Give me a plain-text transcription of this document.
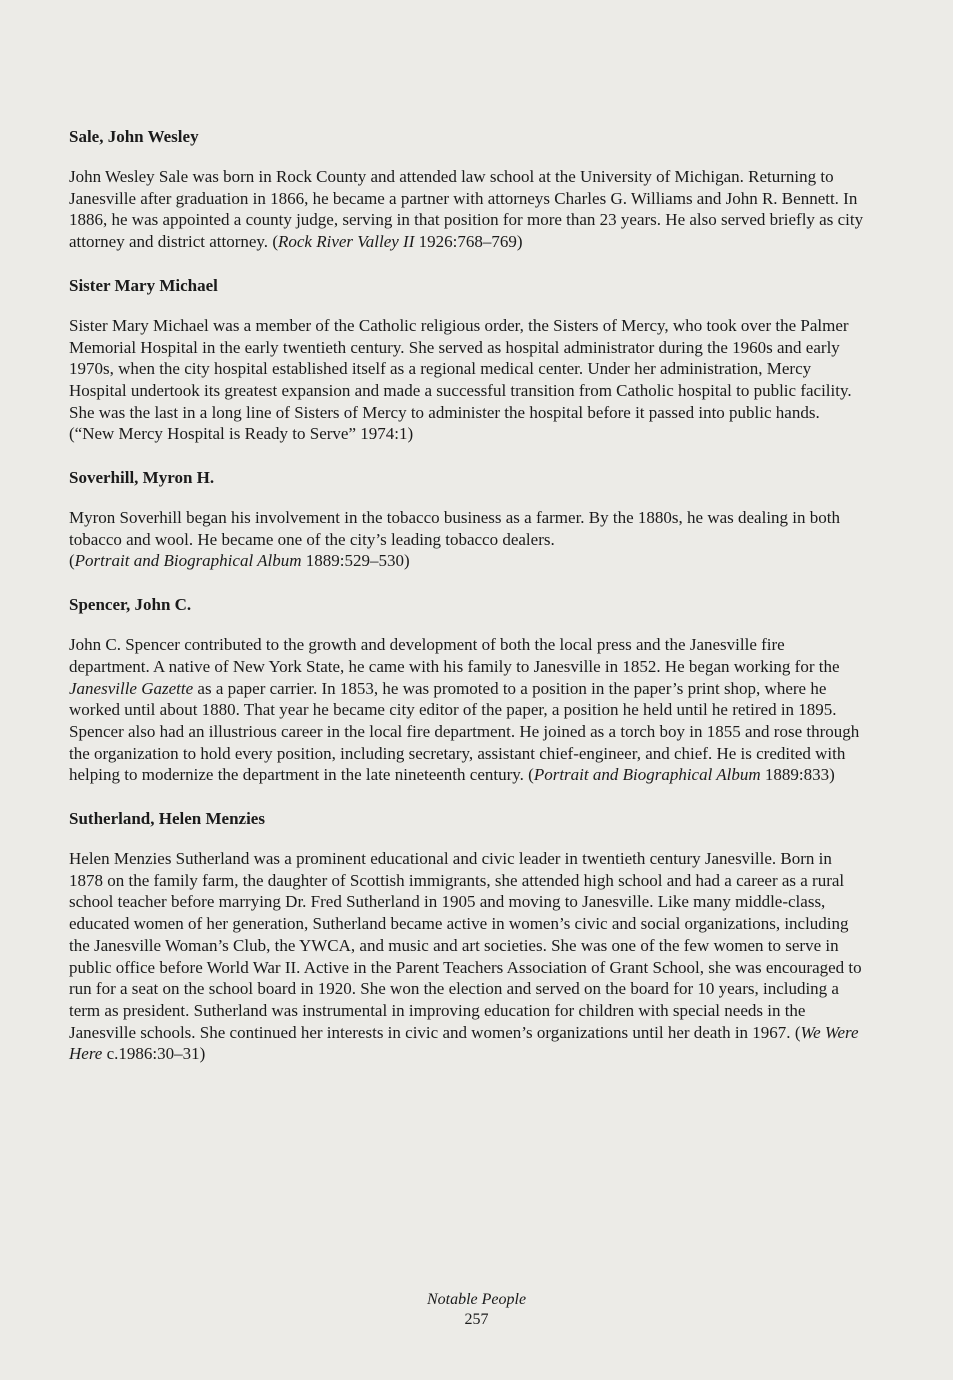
Sale, John Wesley

John Wesley Sale was born in Rock County and attended law school at the University of Michigan. Returning to Janesville after graduation in 1866, he became a partner with attorneys Charles G. Williams and John R. Bennett. In 1886, he was appointed a county judge, serving in that position for more than 23 years. He also served briefly as city attorney and district attorney. (Rock River Valley II 1926:768–769)

Sister Mary Michael

Sister Mary Michael was a member of the Catholic religious order, the Sisters of Mercy, who took over the Palmer Memorial Hospital in the early twentieth century. She served as hospital administrator during the 1960s and early 1970s, when the city hospital established itself as a regional medical center. Under her administration, Mercy Hospital undertook its greatest expansion and made a successful transition from Catholic hospital to public facility. She was the last in a long line of Sisters of Mercy to administer the hospital before it passed into public hands. (“New Mercy Hospital is Ready to Serve” 1974:1)

Soverhill, Myron H.

Myron Soverhill began his involvement in the tobacco business as a farmer. By the 1880s, he was dealing in both tobacco and wool. He became one of the city’s leading tobacco dealers.
(Portrait and Biographical Album 1889:529–530)

Spencer, John C.

John C. Spencer contributed to the growth and development of both the local press and the Janesville fire department. A native of New York State, he came with his family to Janesville in 1852. He began working for the Janesville Gazette as a paper carrier. In 1853, he was promoted to a position in the paper’s print shop, where he worked until about 1880. That year he became city editor of the paper, a position he held until he retired in 1895. Spencer also had an illustrious career in the local fire department. He joined as a torch boy in 1855 and rose through the organization to hold every position, including secretary, assistant chief-engineer, and chief. He is credited with helping to modernize the department in the late nineteenth century. (Portrait and Biographical Album 1889:833)

Sutherland, Helen Menzies

Helen Menzies Sutherland was a prominent educational and civic leader in twentieth century Janesville. Born in 1878 on the family farm, the daughter of Scottish immigrants, she attended high school and had a career as a rural school teacher before marrying Dr. Fred Sutherland in 1905 and moving to Janesville. Like many middle-class, educated women of her generation, Sutherland became active in women’s civic and social organizations, including the Janesville Woman’s Club, the YWCA, and music and art societies. She was one of the few women to serve in public office before World War II. Active in the Parent Teachers Association of Grant School, she was encouraged to run for a seat on the school board in 1920. She won the election and served on the board for 10 years, including a term as president. Sutherland was instrumental in improving education for children with special needs in the Janesville schools. She continued her interests in civic and women’s organizations until her death in 1967. (We Were Here c.1986:30–31)

Notable People
257
